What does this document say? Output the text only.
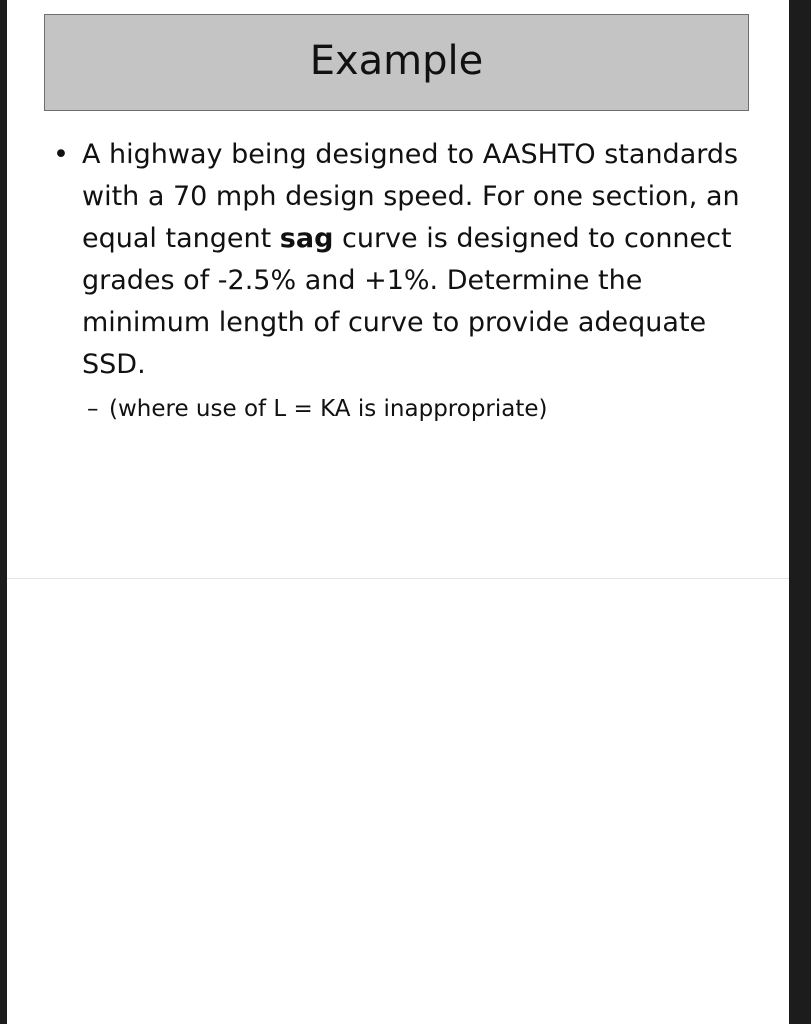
Example
• A highway being designed to AASHTO standards with a 70 mph design speed. For one section, an equal tangent sag curve is designed to connect grades of -2.5% and +1%. Determine the minimum length of curve to provide adequate SSD.
– (where use of L = KA is inappropriate)
